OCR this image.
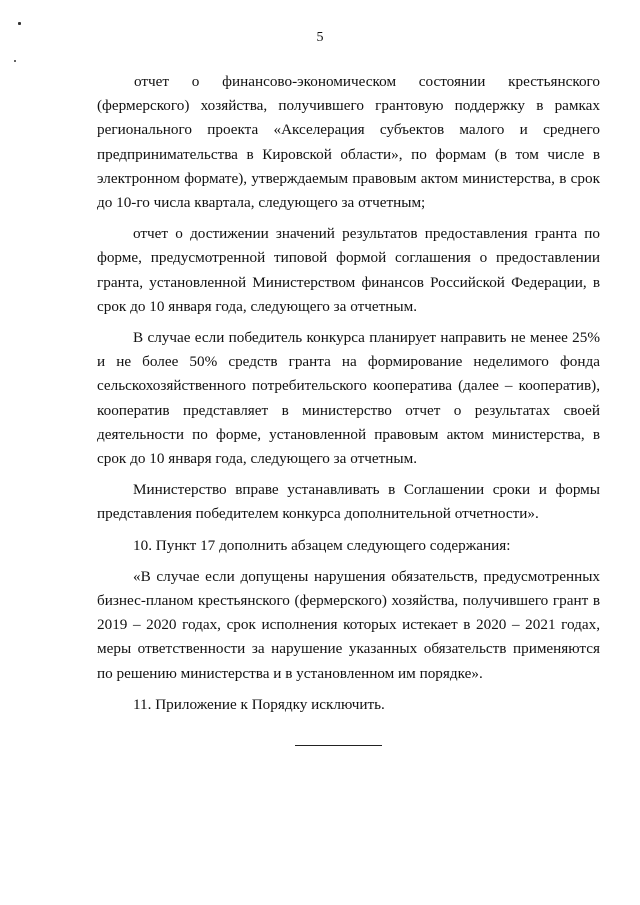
5

отчет о финансово-экономическом состоянии крестьянского (фермерского) хозяйства, получившего грантовую поддержку в рамках регионального проекта «Акселерация субъектов малого и среднего предпринимательства в Кировской области», по формам (в том числе в электронном формате), утверждаемым правовым актом министерства, в срок до 10-го числа квартала, следующего за отчетным;

отчет о достижении значений результатов предоставления гранта по форме, предусмотренной типовой формой соглашения о предоставлении гранта, установленной Министерством финансов Российской Федерации, в срок до 10 января года, следующего за отчетным.

В случае если победитель конкурса планирует направить не менее 25% и не более 50% средств гранта на формирование неделимого фонда сельскохозяйственного потребительского кооператива (далее – кооператив), кооператив представляет в министерство отчет о результатах своей деятельности по форме, установленной правовым актом министерства, в срок до 10 января года, следующего за отчетным.

Министерство вправе устанавливать в Соглашении сроки и формы представления победителем конкурса дополнительной отчетности».

10. Пункт 17 дополнить абзацем следующего содержания:

«В случае если допущены нарушения обязательств, предусмотренных бизнес-планом крестьянского (фермерского) хозяйства, получившего грант в 2019 – 2020 годах, срок исполнения которых истекает в 2020 – 2021 годах, меры ответственности за нарушение указанных обязательств применяются по решению министерства и в установленном им порядке».

11. Приложение к Порядку исключить.
